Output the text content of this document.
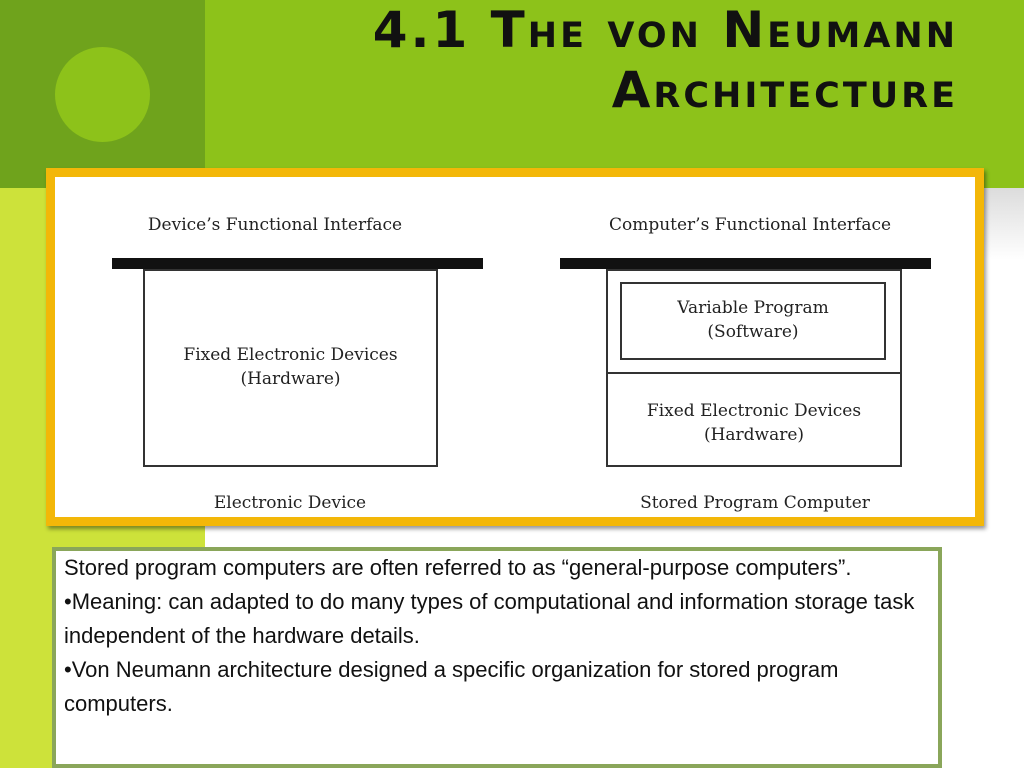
4.1 The von Neumann
Architecture
Device’s Functional Interface
Fixed Electronic Devices
(Hardware)
Electronic Device
Computer’s Functional Interface
Variable Program
(Software)
Fixed Electronic Devices
(Hardware)
Stored Program Computer

Stored program computers are often referred to as “general-purpose computers”.

•Meaning: can adapted to do many types of computational and information storage task independent of the hardware details.

•Von Neumann architecture designed a specific organization for stored program computers.
